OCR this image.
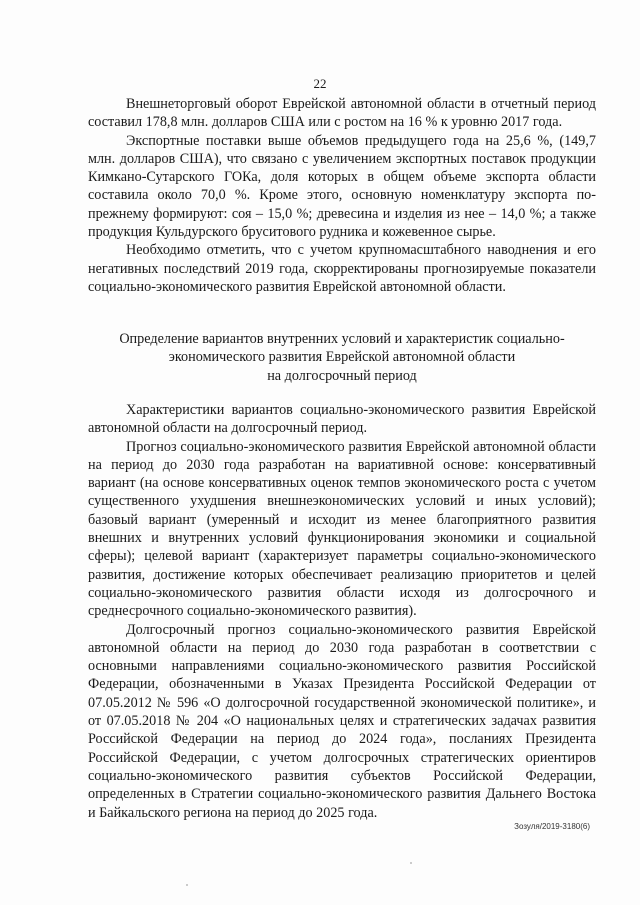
22

Внешнеторговый оборот Еврейской автономной области в отчетный период составил 178,8 млн. долларов США или с ростом на 16 % к уровню 2017 года.

Экспортные поставки выше объемов предыдущего года на 25,6 %, (149,7 млн. долларов США), что связано с увеличением экспортных поставок продукции Кимкано-Сутарского ГОКа, доля которых в общем объеме экспорта области составила около 70,0 %. Кроме этого, основную номенклатуру экспорта по-прежнему формируют: соя – 15,0 %; древесина и изделия из нее – 14,0 %; а также продукция Кульдурского бруситового рудника и кожевенное сырье.

Необходимо отметить, что с учетом крупномасштабного наводнения и его негативных последствий 2019 года, скорректированы прогнозируемые показатели социально-экономического развития Еврейской автономной области.

Определение вариантов внутренних условий и характеристик социально-
экономического развития Еврейской автономной области
на долгосрочный период

Характеристики вариантов социально-экономического развития Еврейской автономной области на долгосрочный период.

Прогноз социально-экономического развития Еврейской автономной области на период до 2030 года разработан на вариативной основе: консервативный вариант (на основе консервативных оценок темпов экономического роста с учетом существенного ухудшения внешнеэкономических условий и иных условий); базовый вариант (умеренный и исходит из менее благоприятного развития внешних и внутренних условий функционирования экономики и социальной сферы); целевой вариант (характеризует параметры социально-экономического развития, достижение которых обеспечивает реализацию приоритетов и целей социально-экономического развития области исходя из долгосрочного и среднесрочного социально-экономического развития).

Долгосрочный прогноз социально-экономического развития Еврейской автономной области на период до 2030 года разработан в соответствии с основными направлениями социально-экономического развития Российской Федерации, обозначенными в Указах Президента Российской Федерации от 07.05.2012 № 596 «О долгосрочной государственной экономической политике», и от 07.05.2018 № 204 «О национальных целях и стратегических задачах развития Российской Федерации на период до 2024 года», посланиях Президента Российской Федерации, с учетом долгосрочных стратегических ориентиров социально-экономического развития субъектов Российской Федерации, определенных в Стратегии социально-экономического развития Дальнего Востока и Байкальского региона на период до 2025 года.

Зозуля/2019-3180(6)
